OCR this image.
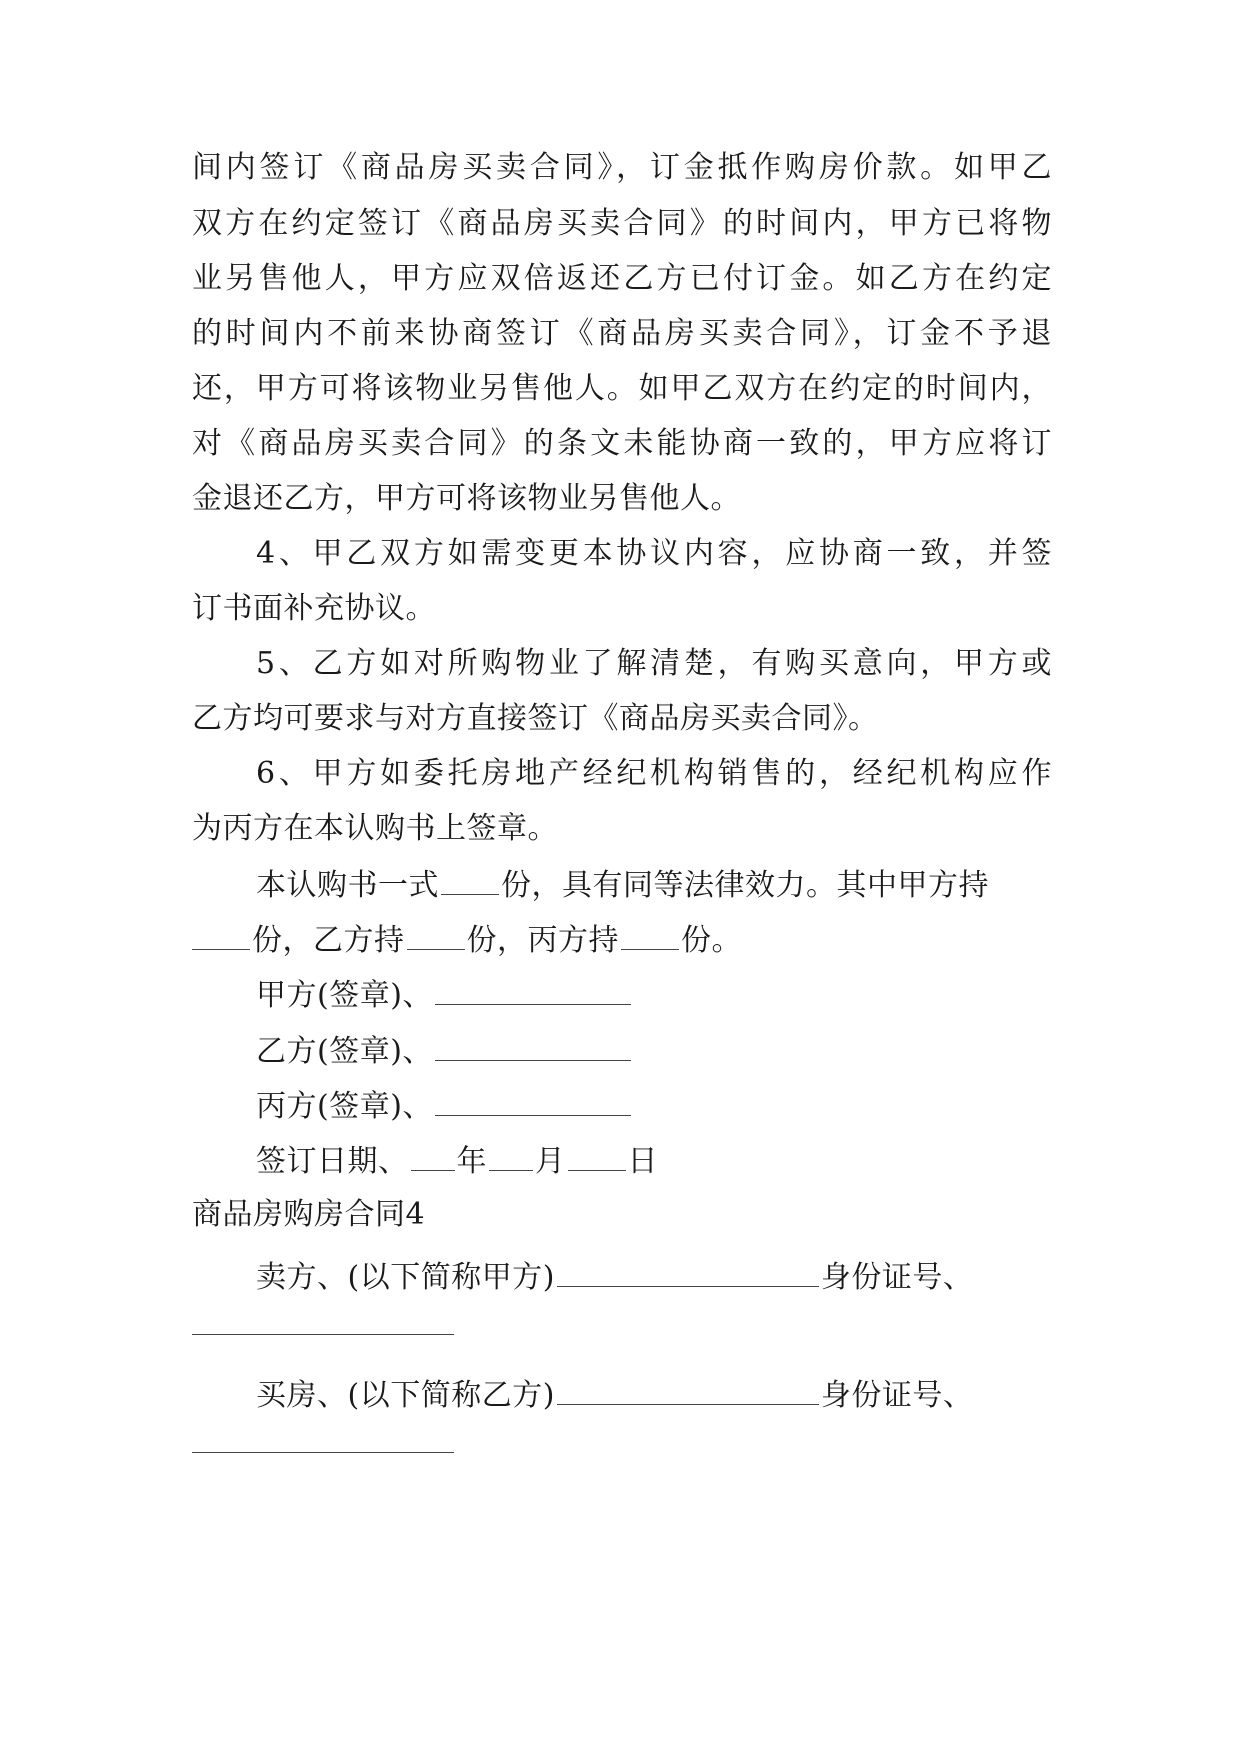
间内签订《商品房买卖合同》，订金抵作购房价款。如甲乙
双方在约定签订《商品房买卖合同》的时间内，甲方已将物
业另售他人，甲方应双倍返还乙方已付订金。如乙方在约定
的时间内不前来协商签订《商品房买卖合同》，订金不予退
还，甲方可将该物业另售他人。如甲乙双方在约定的时间内，
对《商品房买卖合同》的条文未能协商一致的，甲方应将订
金退还乙方，甲方可将该物业另售他人。
4、甲乙双方如需变更本协议内容，应协商一致，并签
订书面补充协议。
5、乙方如对所购物业了解清楚，有购买意向，甲方或
乙方均可要求与对方直接签订《商品房买卖合同》。
6、甲方如委托房地产经纪机构销售的，经纪机构应作
为丙方在本认购书上签章。
本认购书一式 份，具有同等法律效力。其中甲方持
份，乙方持 份，丙方持 份。
甲方(签章)、
乙方(签章)、
丙方(签章)、
签订日期、 年 月 日
商品房购房合同4
卖方、(以下简称甲方)	身份证号、
买房、(以下简称乙方)	身份证号、
